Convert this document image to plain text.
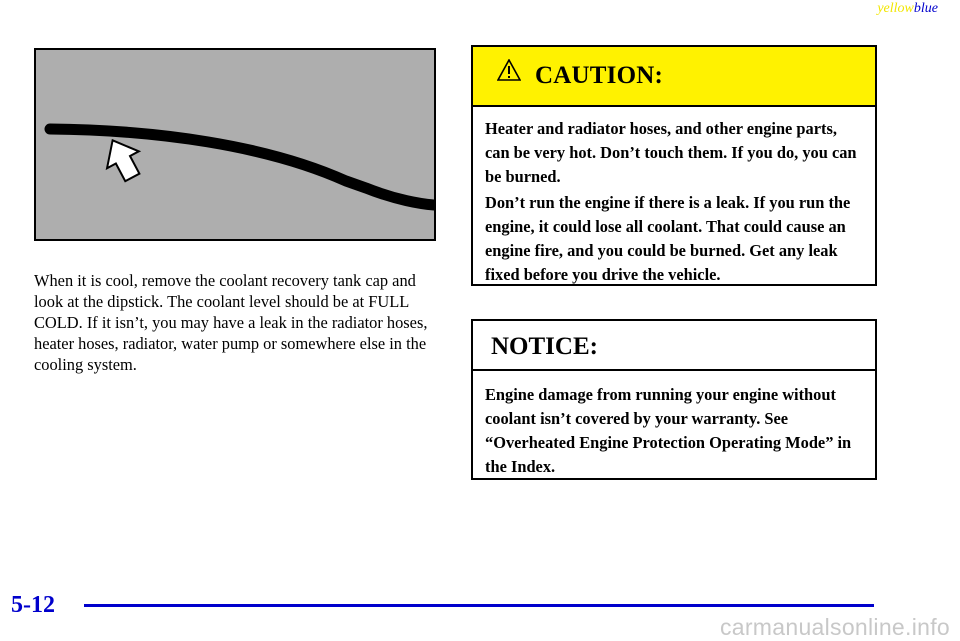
yellowblue
When it is cool, remove the coolant recovery tank cap and look at the dipstick. The coolant level should be at FULL COLD. If it isn’t, you may have a leak in the radiator hoses, heater hoses, radiator, water pump or somewhere else in the cooling system.
CAUTION:

Heater and radiator hoses, and other engine parts, can be very hot. Don’t touch them. If you do, you can be burned.

Don’t run the engine if there is a leak. If you run the engine, it could lose all coolant. That could cause an engine fire, and you could be burned. Get any leak fixed before you drive the vehicle.

NOTICE:

Engine damage from running your engine without coolant isn’t covered by your warranty. See “Overheated Engine Protection Operating Mode” in the Index.

5-12
carmanualsonline.info
